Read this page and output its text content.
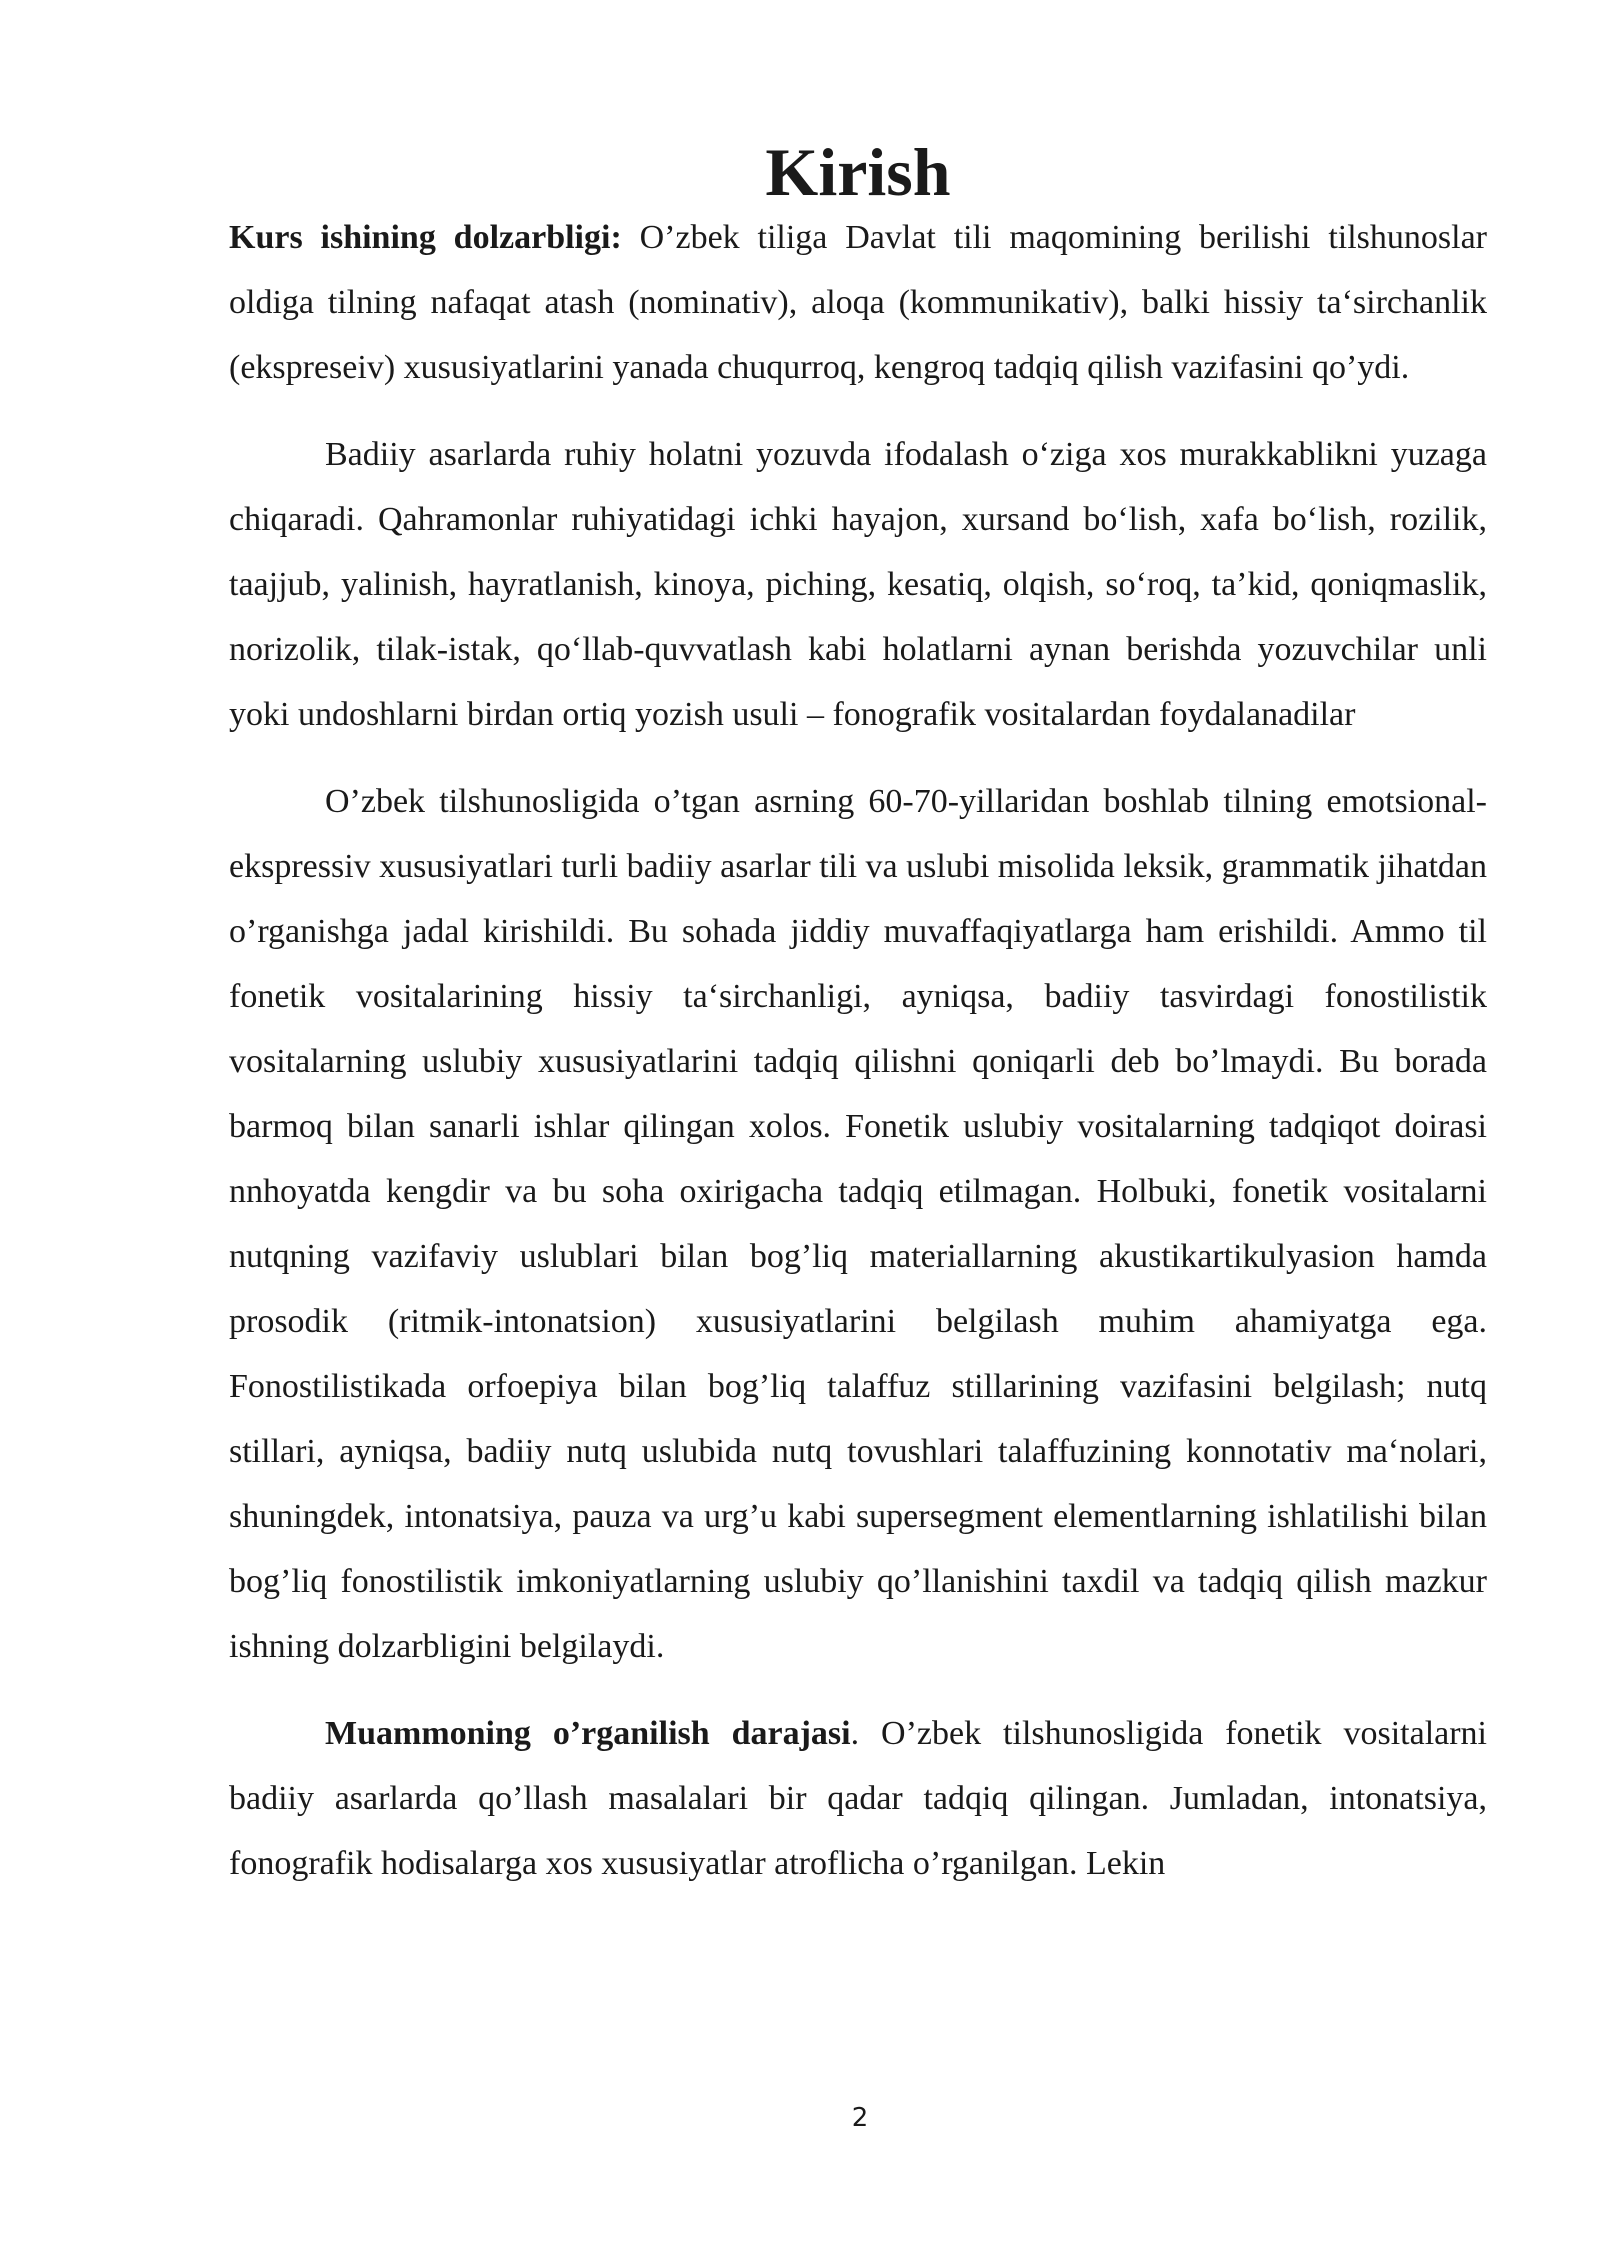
Kirish

Kurs ishining dolzarbligi: O’zbek tiliga Davlat tili maqomining berilishi tilshunoslar oldiga tilning nafaqat atash (nominativ), aloqa (kommunikativ), balki hissiy ta‘sirchanlik (ekspreseiv) xususiyatlarini yanada chuqurroq, kengroq tadqiq qilish vazifasini qo’ydi.

Badiiy asarlarda ruhiy holatni yozuvda ifodalash o‘ziga xos murakkablikni yuzaga chiqaradi. Qahramonlar ruhiyatidagi ichki hayajon, xursand bo‘lish, xafa bo‘lish, rozilik, taajjub, yalinish, hayratlanish, kinoya, piching, kesatiq, olqish, so‘roq, ta’kid, qoniqmaslik, norizolik, tilak-istak, qo‘llab-quvvatlash kabi holatlarni aynan berishda yozuvchilar unli yoki undoshlarni birdan ortiq yozish usuli – fonografik vositalardan foydalanadilar

O’zbek tilshunosligida o’tgan asrning 60-70-yillaridan boshlab tilning emotsional-ekspressiv xususiyatlari turli badiiy asarlar tili va uslubi misolida leksik, grammatik jihatdan o’rganishga jadal kirishildi. Bu sohada jiddiy muvaffaqiyatlarga ham erishildi. Ammo til fonetik vositalarining hissiy ta‘sirchanligi, ayniqsa, badiiy tasvirdagi fonostilistik vositalarning uslubiy xususiyatlarini tadqiq qilishni qoniqarli deb bo’lmaydi. Bu borada barmoq bilan sanarli ishlar qilingan xolos. Fonetik uslubiy vositalarning tadqiqot doirasi nnhoyatda kengdir va bu soha oxirigacha tadqiq etilmagan. Holbuki, fonetik vositalarni nutqning vazifaviy uslublari bilan bog’liq materiallarning akustikartikulyasion hamda prosodik (ritmik-intonatsion) xususiyatlarini belgilash muhim ahamiyatga ega. Fonostilistikada orfoepiya bilan bog’liq talaffuz stillarining vazifasini belgilash; nutq stillari, ayniqsa, badiiy nutq uslubida nutq tovushlari talaffuzining konnotativ ma‘nolari, shuningdek, intonatsiya, pauza va urg’u kabi supersegment elementlarning ishlatilishi bilan bog’liq fonostilistik imkoniyatlarning uslubiy qo’llanishini taxdil va tadqiq qilish mazkur ishning dolzarbligini belgilaydi.

Muammoning o’rganilish darajasi. O’zbek tilshunosligida fonetik vositalarni badiiy asarlarda qo’llash masalalari bir qadar tadqiq qilingan. Jumladan, intonatsiya, fonografik hodisalarga xos xususiyatlar atroflicha o’rganilgan. Lekin

2
